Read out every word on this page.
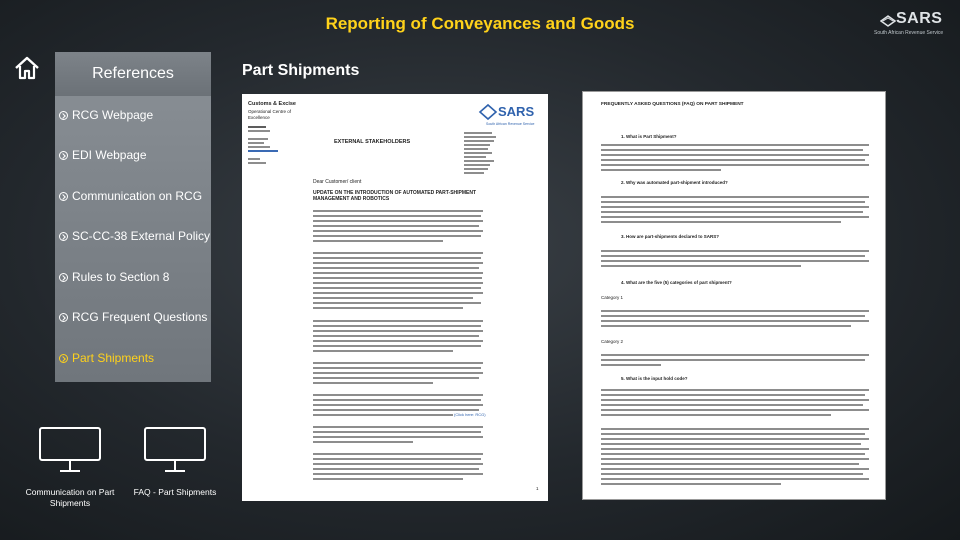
Reporting of Conveyances and Goods	SARS
South African Revenue Service
References
RCG Webpage
EDI Webpage
Communication on RCG
SC-CC-38 External Policy
Rules to Section 8
RCG Frequent Questions
Part Shipments
Communication on Part Shipments
FAQ - Part Shipments
Part Shipments
Customs & Excise
Operational Centre of Excellence	SARS
South African Revenue Service
EXTERNAL STAKEHOLDERS
Dear Customer/ client
UPDATE ON THE INTRODUCTION OF AUTOMATED PART-SHIPMENT MANAGEMENT AND ROBOTICS
(Click here: RCG)
1
FREQUENTLY ASKED QUESTIONS (FAQ) ON PART SHIPMENT
1. What is Part Shipment?
2. Why was automated part-shipment introduced?
3. How are part-shipments declared to SARS?
4. What are the five (5) categories of part shipment?
Category 1
Category 2
5. What is the input hold code?
